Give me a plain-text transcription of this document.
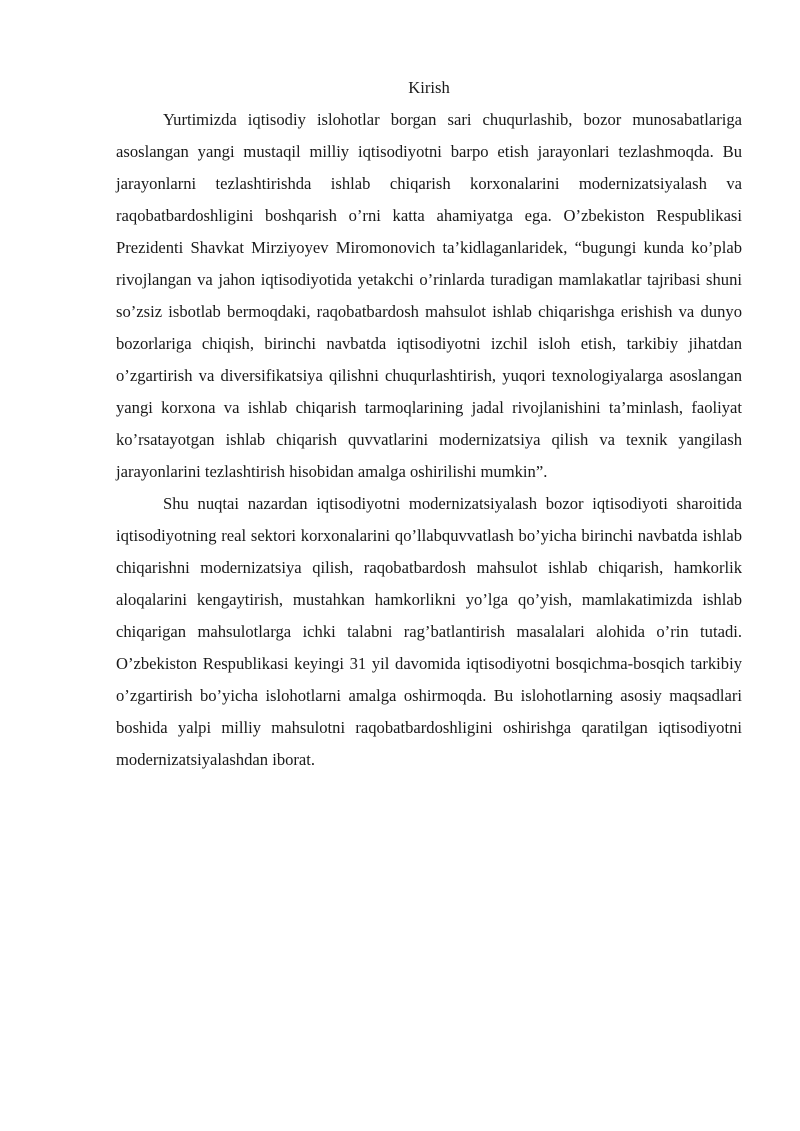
Kirish

Yurtimizda iqtisodiy islohotlar borgan sari chuqurlashib, bozor munosabatlariga asoslangan yangi mustaqil milliy iqtisodiyotni barpo etish jarayonlari tezlashmoqda. Bu jarayonlarni tezlashtirishda ishlab chiqarish korxonalarini modernizatsiyalash va raqobatbardoshligini boshqarish o’rni katta ahamiyatga ega. O’zbekiston Respublikasi Prezidenti Shavkat Mirziyoyev Miromonovich ta’kidlaganlaridek, “bugungi kunda ko’plab rivojlangan va jahon iqtisodiyotida yetakchi o’rinlarda turadigan mamlakatlar tajribasi shuni so’zsiz isbotlab bermoqdaki, raqobatbardosh mahsulot ishlab chiqarishga erishish va dunyo bozorlariga chiqish, birinchi navbatda iqtisodiyotni izchil isloh etish, tarkibiy jihatdan o’zgartirish va diversifikatsiya qilishni chuqurlashtirish, yuqori texnologiyalarga asoslangan yangi korxona va ishlab chiqarish tarmoqlarining jadal rivojlanishini ta’minlash, faoliyat ko’rsatayotgan ishlab chiqarish quvvatlarini modernizatsiya qilish va texnik yangilash jarayonlarini tezlashtirish hisobidan amalga oshirilishi mumkin”.

Shu nuqtai nazardan iqtisodiyotni modernizatsiyalash bozor iqtisodiyoti sharoitida iqtisodiyotning real sektori korxonalarini qo’llabquvvatlash bo’yicha birinchi navbatda ishlab chiqarishni modernizatsiya qilish, raqobatbardosh mahsulot ishlab chiqarish, hamkorlik aloqalarini kengaytirish, mustahkan hamkorlikni yo’lga qo’yish, mamlakatimizda ishlab chiqarigan mahsulotlarga ichki talabni rag’batlantirish masalalari alohida o’rin tutadi. O’zbekiston Respublikasi keyingi 31 yil davomida iqtisodiyotni bosqichma-bosqich tarkibiy o’zgartirish bo’yicha islohotlarni amalga oshirmoqda. Bu islohotlarning asosiy maqsadlari boshida yalpi milliy mahsulotni raqobatbardoshligini oshirishga qaratilgan iqtisodiyotni modernizatsiyalashdan iborat.
